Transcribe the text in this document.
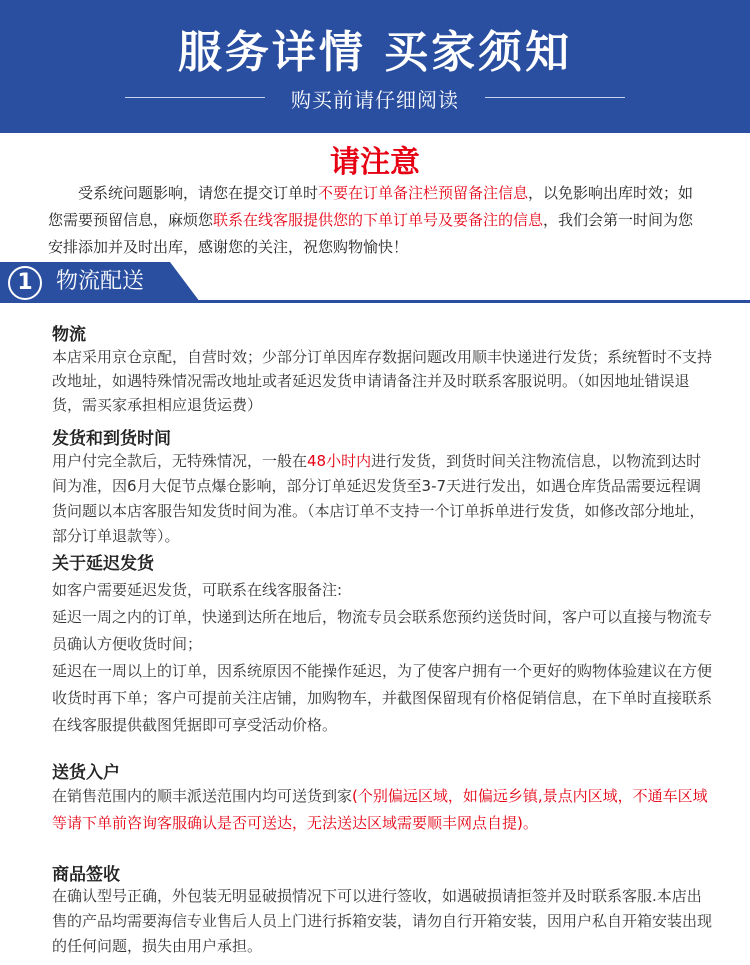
服务详情 买家须知
购买前请仔细阅读
请注意
  受系统问题影响，请您在提交订单时不要在订单备注栏预留备注信息，以免影响出库时效；如您需要预留信息，麻烦您联系在线客服提供您的下单订单号及要备注的信息，我们会第一时间为您安排添加并及时出库，感谢您的关注，祝您购物愉快！
1	物流配送
物流
本店采用京仓京配，自营时效；少部分订单因库存数据问题改用顺丰快递进行发货；系统暂时不支持改地址，如遇特殊情况需改地址或者延迟发货申请请备注并及时联系客服说明。（如因地址错误退货，需买家承担相应退货运费）
发货和到货时间
用户付完全款后，无特殊情况，一般在48小时内进行发货，到货时间关注物流信息，以物流到达时间为准，因6月大促节点爆仓影响，部分订单延迟发货至3-7天进行发出，如遇仓库货品需要远程调货问题以本店客服告知发货时间为准。（本店订单不支持一个订单拆单进行发货，如修改部分地址，部分订单退款等）。
关于延迟发货
如客户需要延迟发货，可联系在线客服备注:
延迟一周之内的订单，快递到达所在地后，物流专员会联系您预约送货时间，客户可以直接与物流专员确认方便收货时间；
延迟在一周以上的订单，因系统原因不能操作延迟，为了使客户拥有一个更好的购物体验建议在方便收货时再下单；客户可提前关注店铺，加购物车，并截图保留现有价格促销信息，在下单时直接联系在线客服提供截图凭据即可享受活动价格。
送货入户
在销售范围内的顺丰派送范围内均可送货到家(个别偏远区域，如偏远乡镇,景点内区域，不通车区域等请下单前咨询客服确认是否可送达，无法送达区域需要顺丰网点自提)。
商品签收
在确认型号正确，外包装无明显破损情况下可以进行签收，如遇破损请拒签并及时联系客服.本店出售的产品均需要海信专业售后人员上门进行拆箱安装，请勿自行开箱安装，因用户私自开箱安装出现的任何问题，损失由用户承担。
